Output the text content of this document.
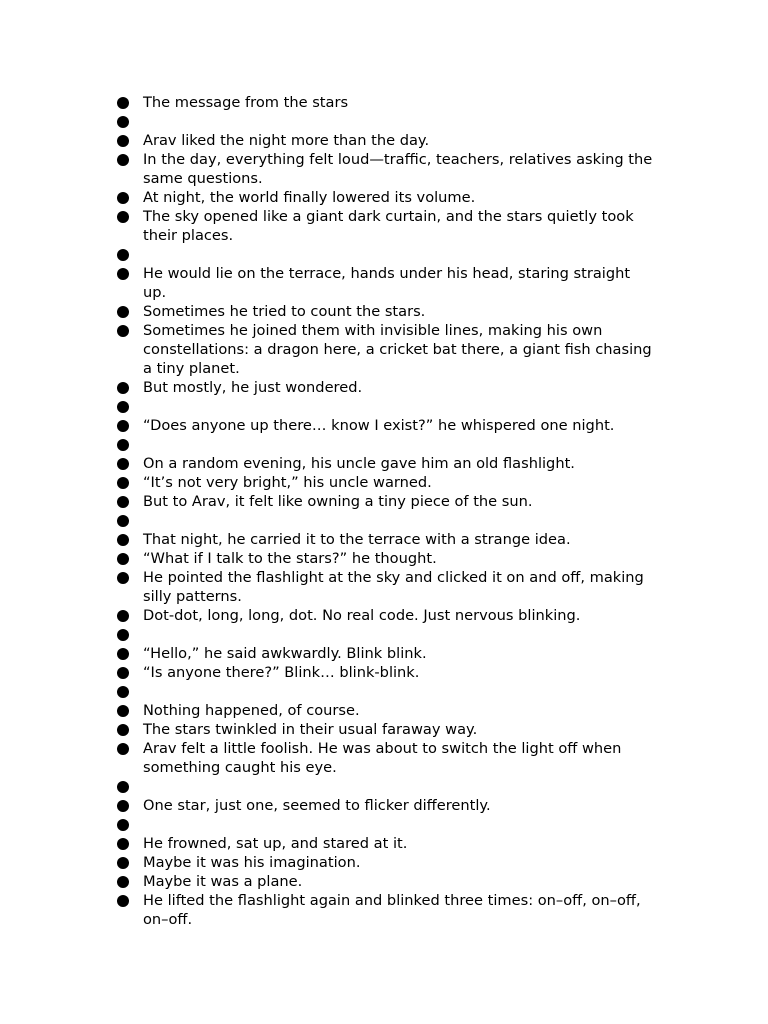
The message from the stars
Arav liked the night more than the day.
In the day, everything felt loud—traffic, teachers, relatives asking the same questions.
At night, the world finally lowered its volume.
The sky opened like a giant dark curtain, and the stars quietly took their places.
He would lie on the terrace, hands under his head, staring straight up.
Sometimes he tried to count the stars.
Sometimes he joined them with invisible lines, making his own constellations: a dragon here, a cricket bat there, a giant fish chasing a tiny planet.
But mostly, he just wondered.
“Does anyone up there… know I exist?” he whispered one night.
On a random evening, his uncle gave him an old flashlight.
“It’s not very bright,” his uncle warned.
But to Arav, it felt like owning a tiny piece of the sun.
That night, he carried it to the terrace with a strange idea.
“What if I talk to the stars?” he thought.
He pointed the flashlight at the sky and clicked it on and off, making silly patterns.
Dot-dot, long, long, dot. No real code. Just nervous blinking.
“Hello,” he said awkwardly. Blink blink.
“Is anyone there?” Blink… blink-blink.
Nothing happened, of course.
The stars twinkled in their usual faraway way.
Arav felt a little foolish. He was about to switch the light off when something caught his eye.
One star, just one, seemed to flicker differently.
He frowned, sat up, and stared at it.
Maybe it was his imagination.
Maybe it was a plane.
He lifted the flashlight again and blinked three times: on–off, on–off, on–off.
